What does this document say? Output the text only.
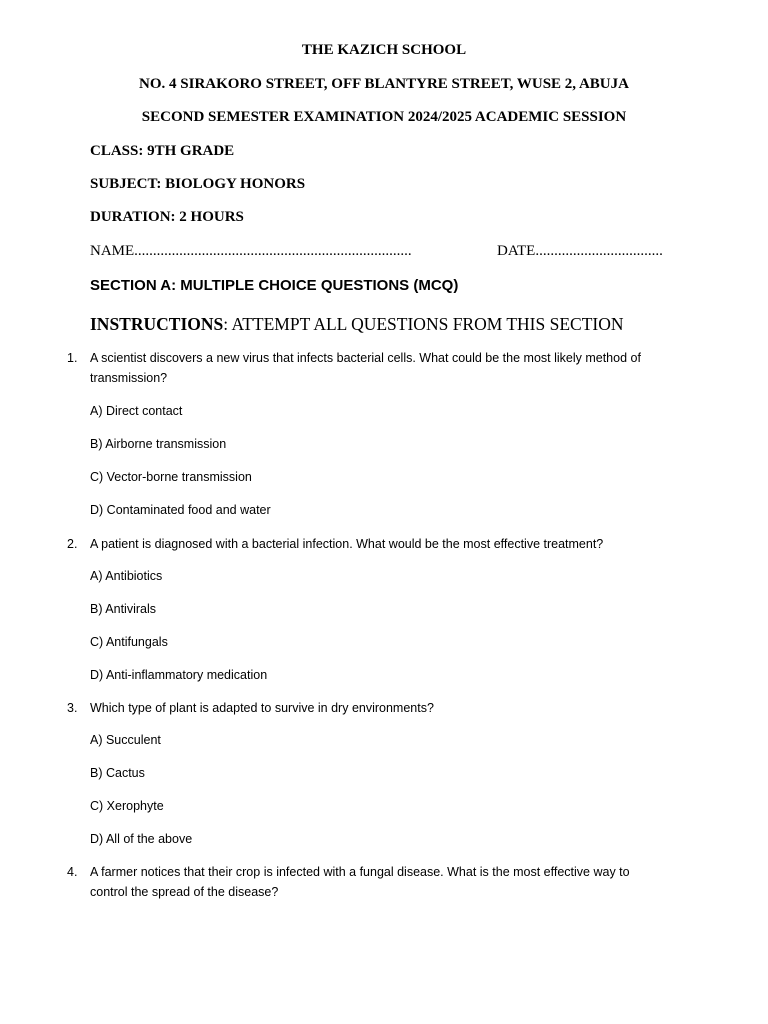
THE KAZICH SCHOOL
NO. 4 SIRAKORO STREET, OFF BLANTYRE STREET, WUSE 2, ABUJA
SECOND SEMESTER EXAMINATION 2024/2025 ACADEMIC SESSION
CLASS: 9TH GRADE
SUBJECT: BIOLOGY HONORS
DURATION: 2 HOURS
NAME..........................................................................	DATE..................................
SECTION A: MULTIPLE CHOICE QUESTIONS (MCQ)
INSTRUCTIONS: ATTEMPT ALL QUESTIONS FROM THIS SECTION
1. A scientist discovers a new virus that infects bacterial cells. What could be the most likely method of transmission?
A) Direct contact
B) Airborne transmission
C) Vector-borne transmission
D) Contaminated food and water
2. A patient is diagnosed with a bacterial infection. What would be the most effective treatment?
A) Antibiotics
B) Antivirals
C) Antifungals
D) Anti-inflammatory medication
3. Which type of plant is adapted to survive in dry environments?
A) Succulent
B) Cactus
C) Xerophyte
D) All of the above
4. A farmer notices that their crop is infected with a fungal disease. What is the most effective way to control the spread of the disease?
